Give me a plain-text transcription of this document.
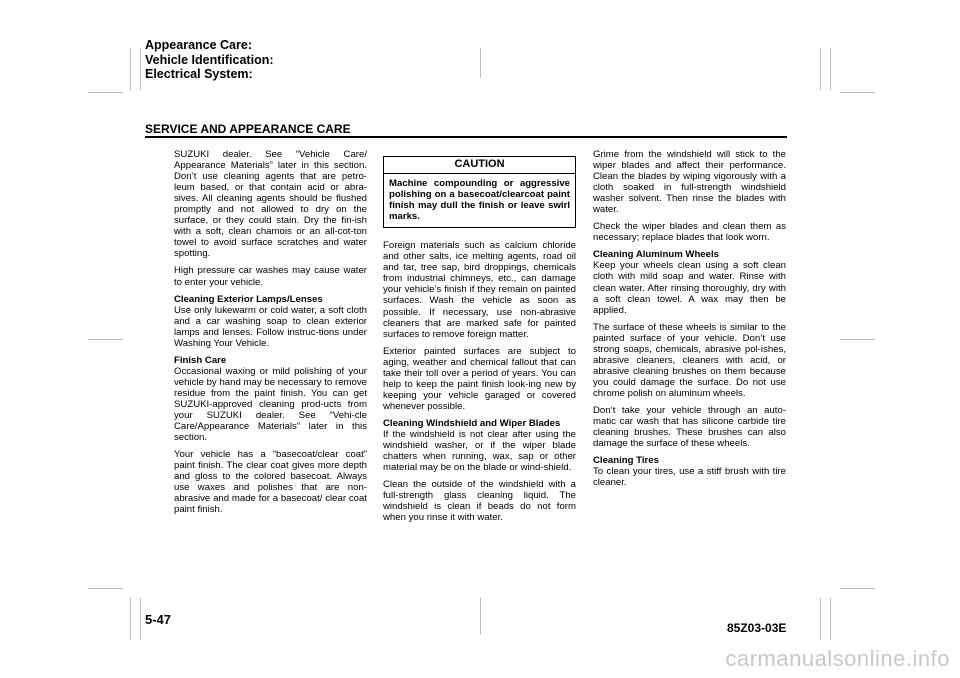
Appearance Care:
Vehicle Identification:
Electrical System:
SERVICE AND APPEARANCE CARE

SUZUKI dealer. See “Vehicle Care/ Appearance Materials” later in this section. Don’t use cleaning agents that are petro-leum based, or that contain acid or abra-sives. All cleaning agents should be flushed promptly and not allowed to dry on the surface, or they could stain. Dry the fin-ish with a soft, clean chamois or an all-cot-ton towel to avoid surface scratches and water spotting.

High pressure car washes may cause water to enter your vehicle.

Cleaning Exterior Lamps/Lenses
Use only lukewarm or cold water, a soft cloth and a car washing soap to clean exterior lamps and lenses. Follow instruc-tions under Washing Your Vehicle.

Finish Care
Occasional waxing or mild polishing of your vehicle by hand may be necessary to remove residue from the paint finish. You can get SUZUKI-approved cleaning prod-ucts from your SUZUKI dealer. See “Vehi-cle Care/Appearance Materials” later in this section.

Your vehicle has a “basecoat/clear coat” paint finish. The clear coat gives more depth and gloss to the colored basecoat. Always use waxes and polishes that are non-abrasive and made for a basecoat/ clear coat paint finish.

CAUTION
Machine compounding or aggressive polishing on a basecoat/clearcoat paint finish may dull the finish or leave swirl marks.

Foreign materials such as calcium chloride and other salts, ice melting agents, road oil and tar, tree sap, bird droppings, chemicals from industrial chimneys, etc., can damage your vehicle’s finish if they remain on painted surfaces. Wash the vehicle as soon as possible. If necessary, use non-abrasive cleaners that are marked safe for painted surfaces to remove foreign matter.

Exterior painted surfaces are subject to aging, weather and chemical fallout that can take their toll over a period of years. You can help to keep the paint finish look-ing new by keeping your vehicle garaged or covered whenever possible.

Cleaning Windshield and Wiper Blades
If the windshield is not clear after using the windshield washer, or if the wiper blade chatters when running, wax, sap or other material may be on the blade or wind-shield.

Clean the outside of the windshield with a full-strength glass cleaning liquid. The windshield is clean if beads do not form when you rinse it with water.

Grime from the windshield will stick to the wiper blades and affect their performance. Clean the blades by wiping vigorously with a cloth soaked in full-strength windshield washer solvent. Then rinse the blades with water.

Check the wiper blades and clean them as necessary; replace blades that look worn.

Cleaning Aluminum Wheels
Keep your wheels clean using a soft clean cloth with mild soap and water. Rinse with clean water. After rinsing thoroughly, dry with a soft clean towel. A wax may then be applied.

The surface of these wheels is similar to the painted surface of your vehicle. Don’t use strong soaps, chemicals, abrasive pol-ishes, abrasive cleaners, cleaners with acid, or abrasive cleaning brushes on them because you could damage the surface. Do not use chrome polish on aluminum wheels.

Don’t take your vehicle through an auto-matic car wash that has silicone carbide tire cleaning brushes. These brushes can also damage the surface of these wheels.

Cleaning Tires
To clean your tires, use a stiff brush with tire cleaner.

5-47
85Z03-03E
carmanualsonline.info
